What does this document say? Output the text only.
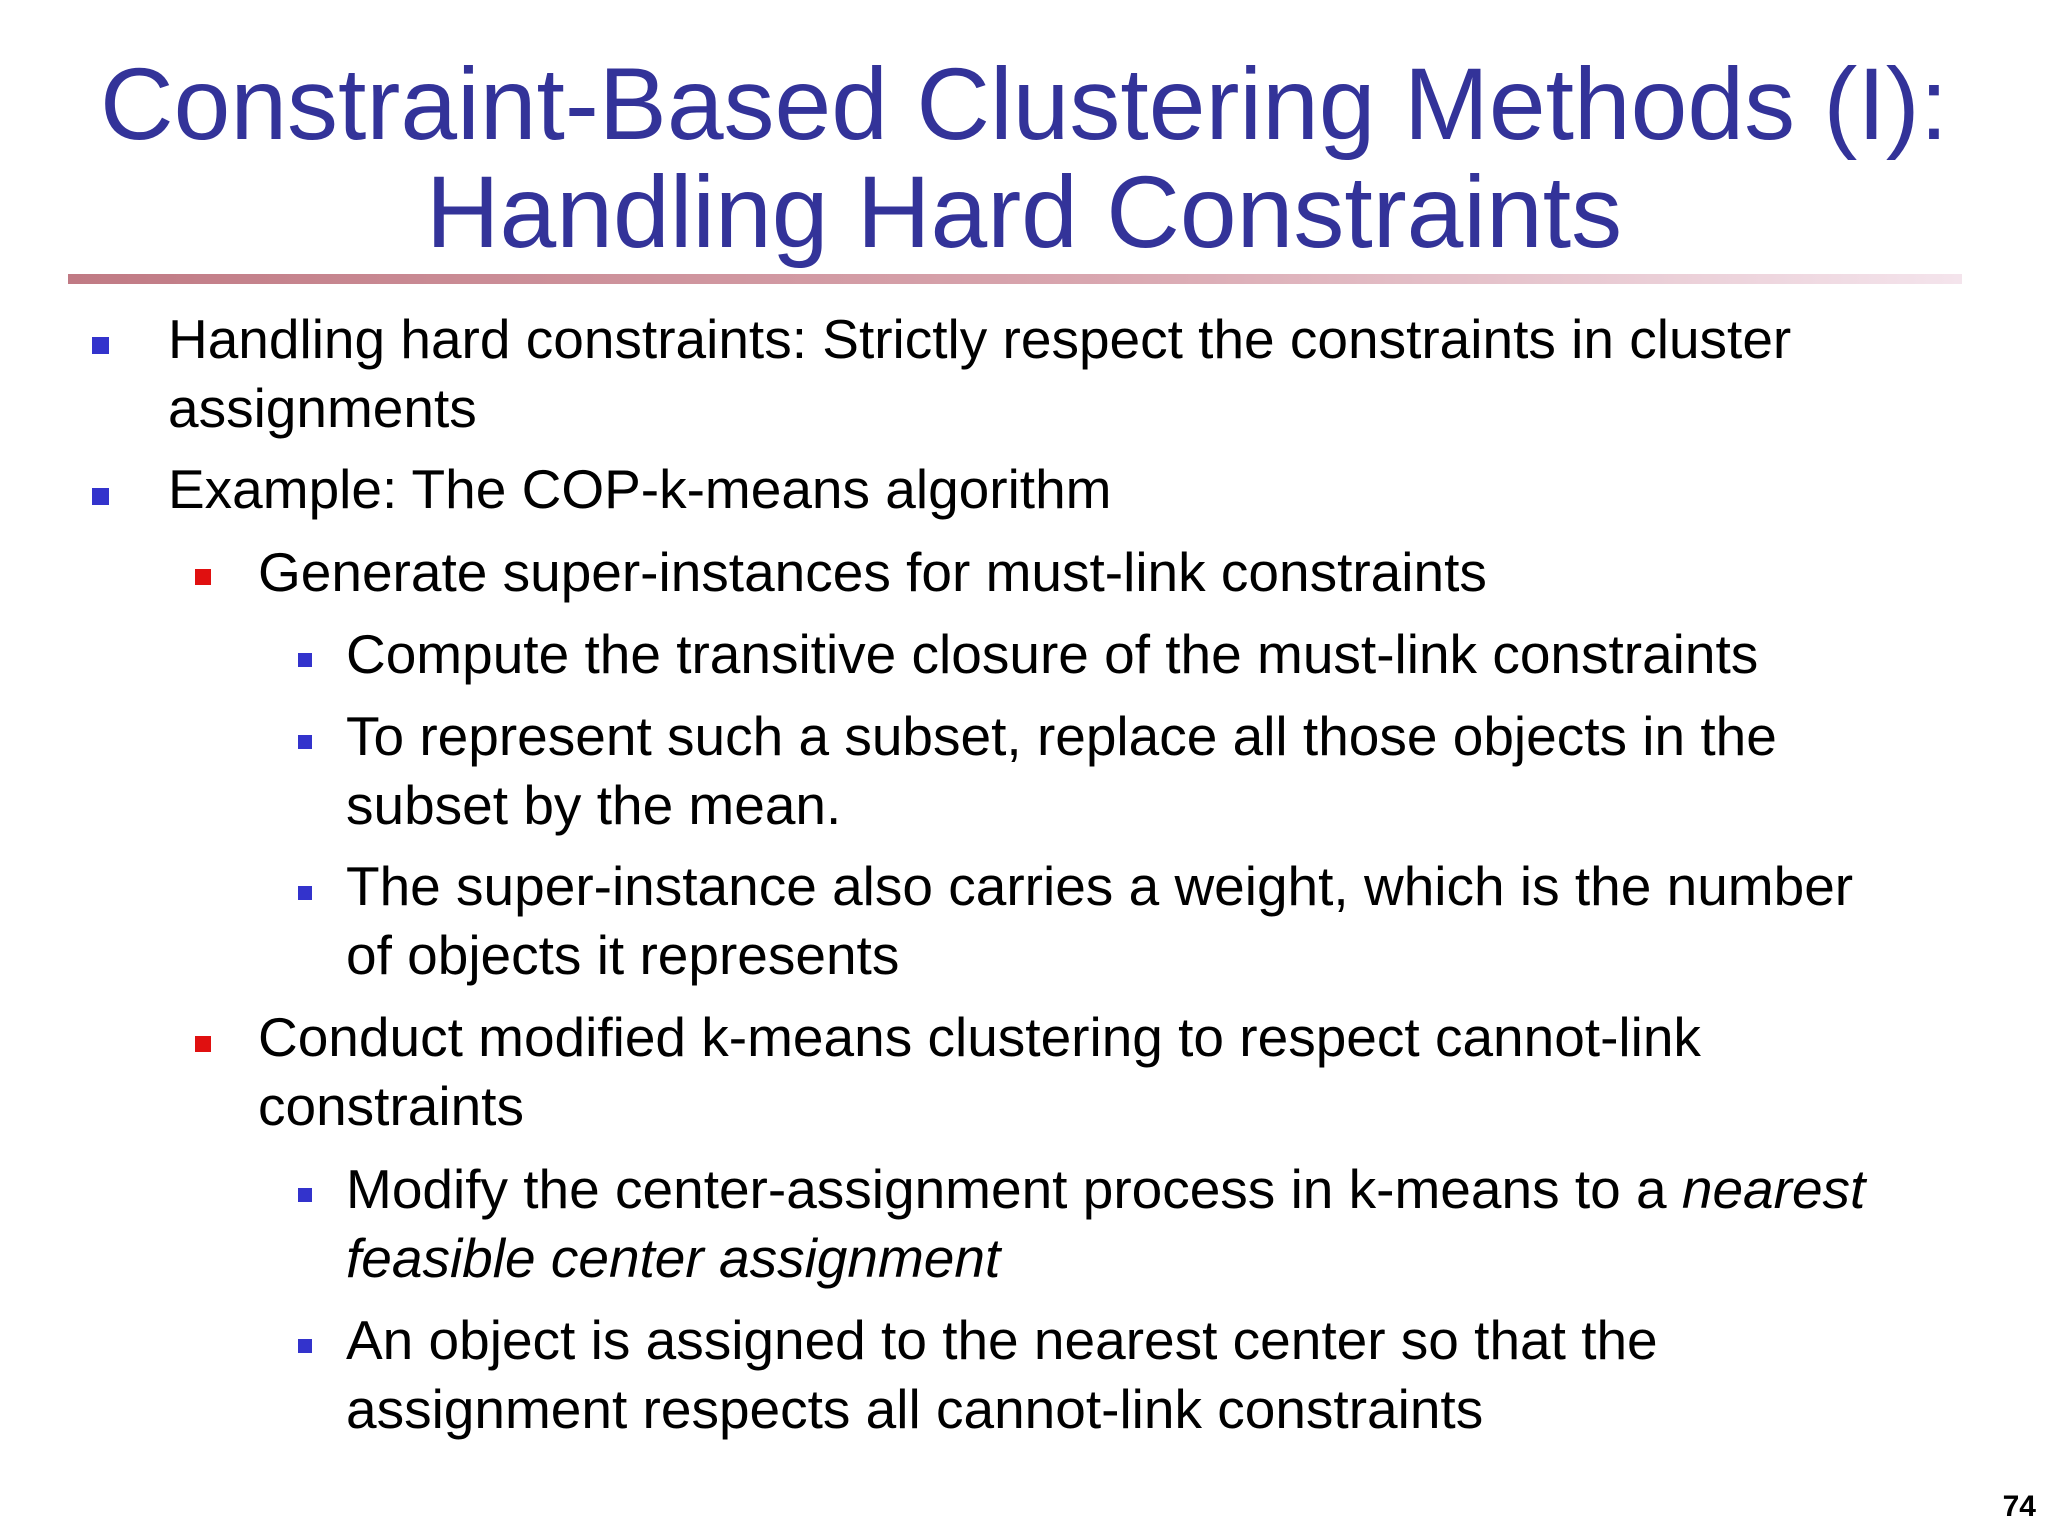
Constraint-Based Clustering Methods (I):
Handling Hard Constraints
Handling hard constraints: Strictly respect the constraints in cluster
assignments
Example: The COP-k-means algorithm
Generate super-instances for must-link constraints
Compute the transitive closure of the must-link constraints
To represent such a subset, replace all those objects in the
subset by the mean.
The super-instance also carries a weight, which is the number
of objects it represents
Conduct modified k-means clustering to respect cannot-link
constraints
Modify the center-assignment process in k-means to a nearest
feasible center assignment
An object is assigned to the nearest center so that the
assignment respects all cannot-link constraints
74
